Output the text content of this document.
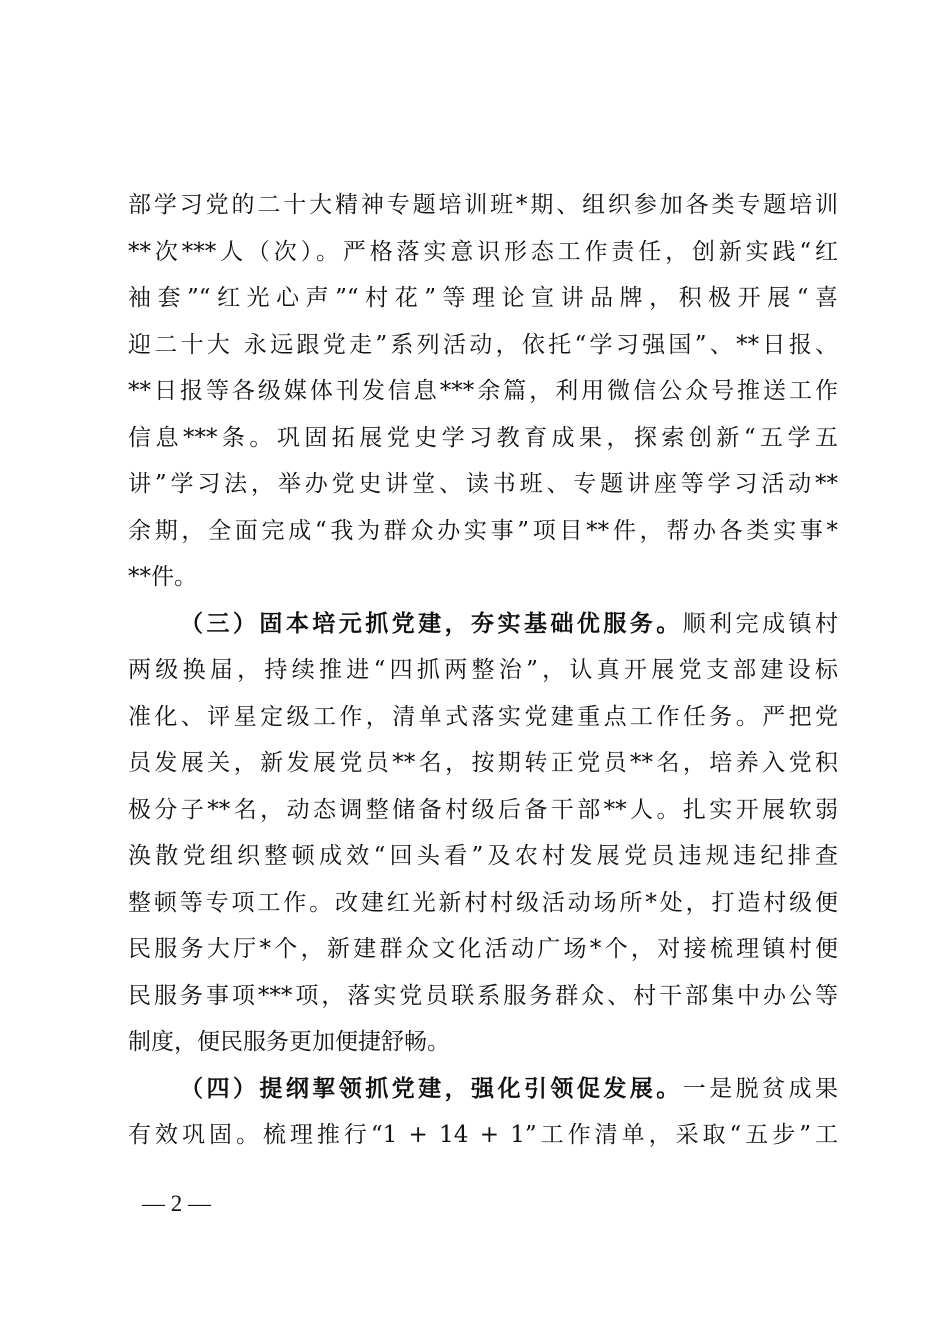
部学习党的二十大精神专题培训班*期、组织参加各类专题培训
**次***人（次）。严格落实意识形态工作责任，创新实践“红
袖套”“红光心声”“村花”等理论宣讲品牌，积极开展“喜
迎二十大 永远跟党走”系列活动，依托“学习强国”、**日报、
**日报等各级媒体刊发信息***余篇，利用微信公众号推送工作
信息***条。巩固拓展党史学习教育成果，探索创新“五学五
讲”学习法，举办党史讲堂、读书班、专题讲座等学习活动**
余期，全面完成“我为群众办实事”项目**件，帮办各类实事*
**件。
（三）固本培元抓党建，夯实基础优服务。顺利完成镇村
两级换届，持续推进“四抓两整治”，认真开展党支部建设标
准化、评星定级工作，清单式落实党建重点工作任务。严把党
员发展关，新发展党员**名，按期转正党员**名，培养入党积
极分子**名，动态调整储备村级后备干部**人。扎实开展软弱
涣散党组织整顿成效“回头看”及农村发展党员违规违纪排查
整顿等专项工作。改建红光新村村级活动场所*处，打造村级便
民服务大厅*个，新建群众文化活动广场*个，对接梳理镇村便
民服务事项***项，落实党员联系服务群众、村干部集中办公等
制度，便民服务更加便捷舒畅。
（四）提纲挈领抓党建，强化引领促发展。一是脱贫成果
有效巩固。梳理推行“1 + 14 + 1”工作清单，采取“五步”工
— 2 —
